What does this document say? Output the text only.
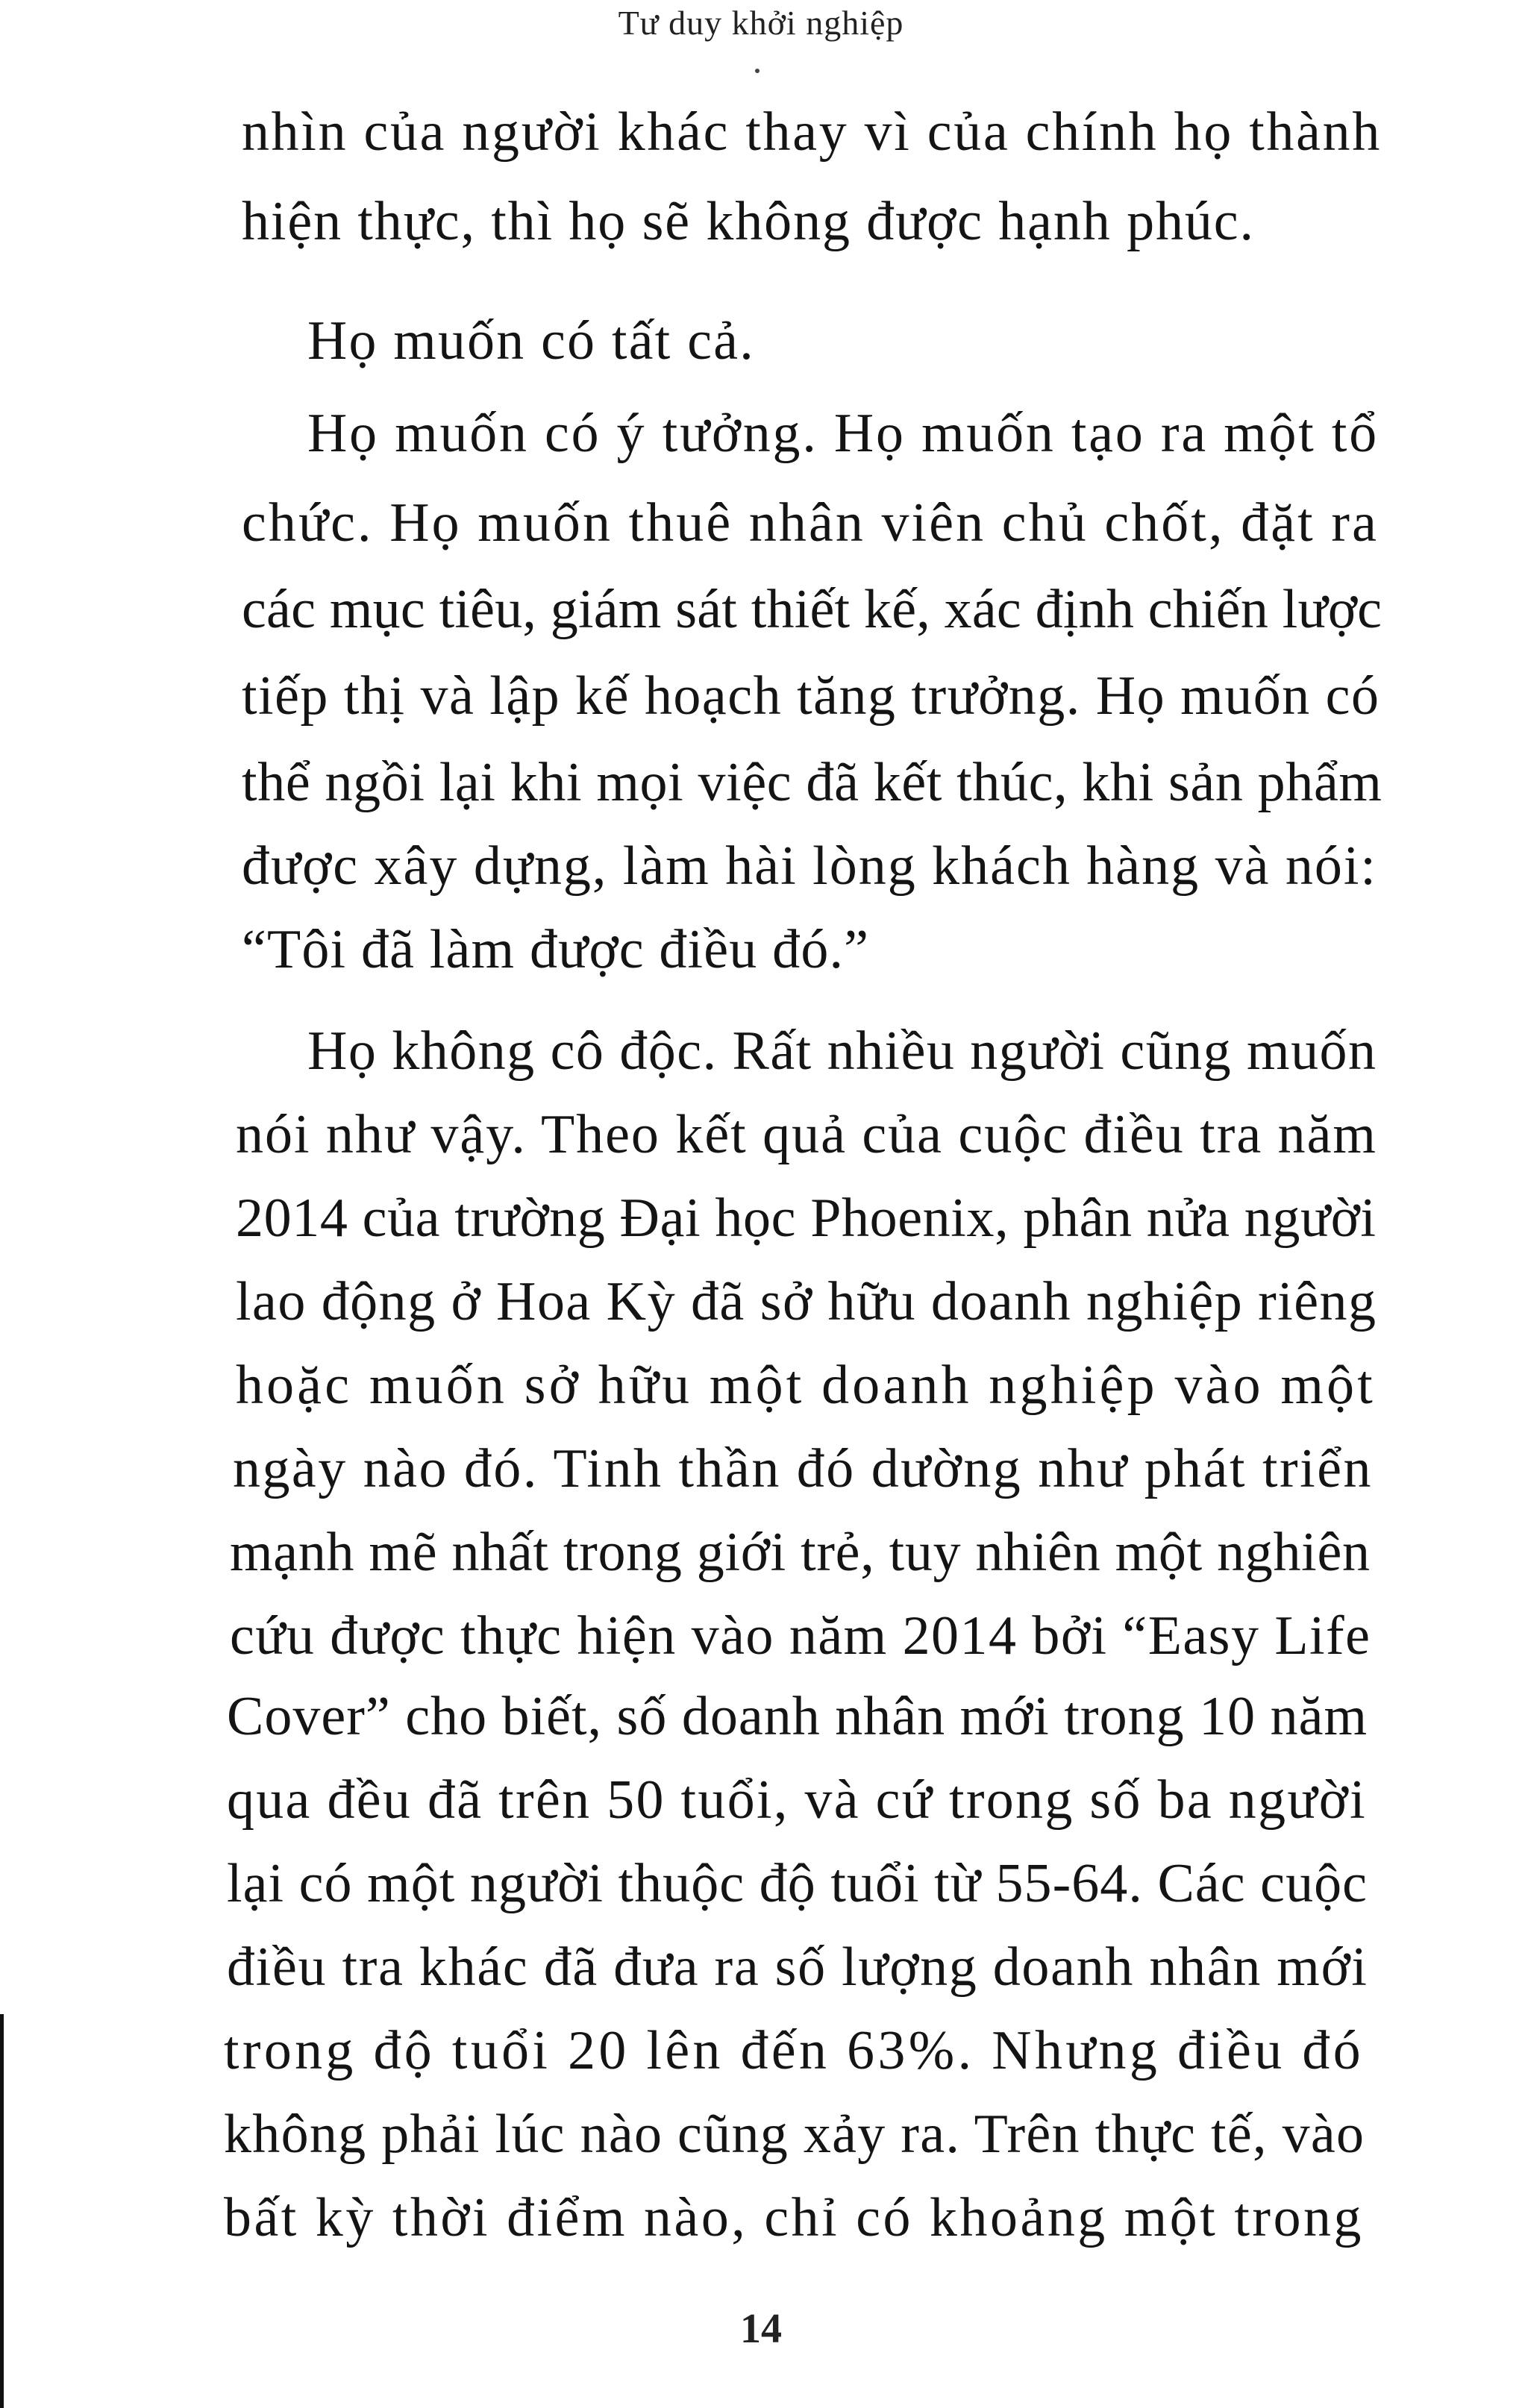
Tư duy khởi nghiệp
nhìn của người khác thay vì của chính họ thành
hiện thực, thì họ sẽ không được hạnh phúc.
Họ muốn có tất cả.
Họ muốn có ý tưởng. Họ muốn tạo ra một tổ
chức. Họ muốn thuê nhân viên chủ chốt, đặt ra
các mục tiêu, giám sát thiết kế, xác định chiến lược
tiếp thị và lập kế hoạch tăng trưởng. Họ muốn có
thể ngồi lại khi mọi việc đã kết thúc, khi sản phẩm
được xây dựng, làm hài lòng khách hàng và nói:
“Tôi đã làm được điều đó.”
Họ không cô độc. Rất nhiều người cũng muốn
nói như vậy. Theo kết quả của cuộc điều tra năm
2014 của trường Đại học Phoenix, phân nửa người
lao động ở Hoa Kỳ đã sở hữu doanh nghiệp riêng
hoặc muốn sở hữu một doanh nghiệp vào một
ngày nào đó. Tinh thần đó dường như phát triển
mạnh mẽ nhất trong giới trẻ, tuy nhiên một nghiên
cứu được thực hiện vào năm 2014 bởi “Easy Life
Cover” cho biết, số doanh nhân mới trong 10 năm
qua đều đã trên 50 tuổi, và cứ trong số ba người
lại có một người thuộc độ tuổi từ 55-64. Các cuộc
điều tra khác đã đưa ra số lượng doanh nhân mới
trong độ tuổi 20 lên đến 63%. Nhưng điều đó
không phải lúc nào cũng xảy ra. Trên thực tế, vào
bất kỳ thời điểm nào, chỉ có khoảng một trong
14
